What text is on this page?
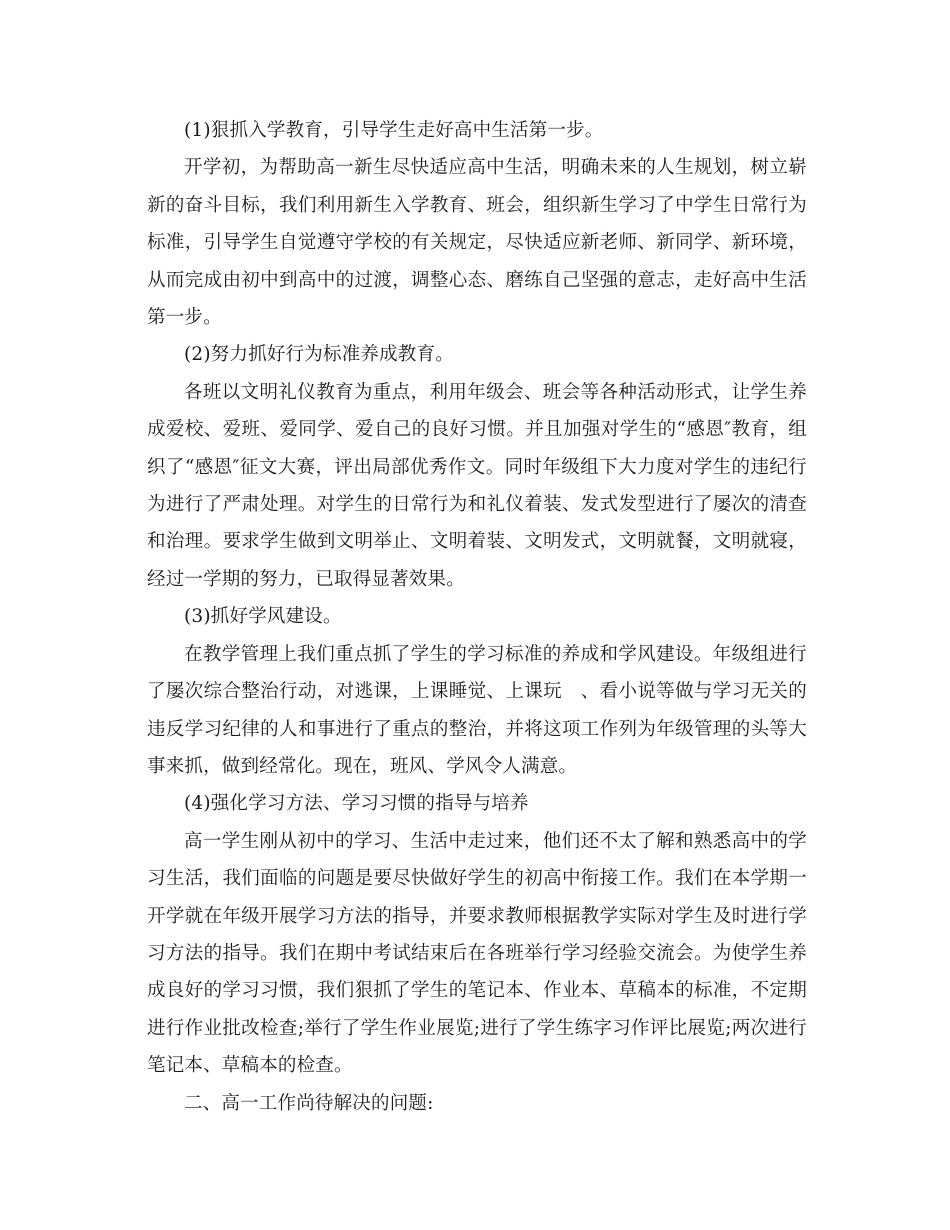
(1)狠抓入学教育，引导学生走好高中生活第一步。

开学初，为帮助高一新生尽快适应高中生活，明确未来的人生规划，树立崭新的奋斗目标，我们利用新生入学教育、班会，组织新生学习了中学生日常行为标准，引导学生自觉遵守学校的有关规定，尽快适应新老师、新同学、新环境，从而完成由初中到高中的过渡，调整心态、磨练自己坚强的意志，走好高中生活第一步。

(2)努力抓好行为标准养成教育。

各班以文明礼仪教育为重点，利用年级会、班会等各种活动形式，让学生养成爱校、爱班、爱同学、爱自己的良好习惯。并且加强对学生的“感恩″教育，组织了“感恩″征文大赛，评出局部优秀作文。同时年级组下大力度对学生的违纪行为进行了严肃处理。对学生的日常行为和礼仪着装、发式发型进行了屡次的清查和治理。要求学生做到文明举止、文明着装、文明发式，文明就餐，文明就寝，经过一学期的努力，已取得显著效果。

(3)抓好学风建设。

在教学管理上我们重点抓了学生的学习标准的养成和学风建设。年级组进行了屡次综合整治行动，对逃课，上课睡觉、上课玩　、看小说等做与学习无关的违反学习纪律的人和事进行了重点的整治，并将这项工作列为年级管理的头等大事来抓，做到经常化。现在，班风、学风令人满意。

(4)强化学习方法、学习习惯的指导与培养

高一学生刚从初中的学习、生活中走过来，他们还不太了解和熟悉高中的学习生活，我们面临的问题是要尽快做好学生的初高中衔接工作。我们在本学期一开学就在年级开展学习方法的指导，并要求教师根据教学实际对学生及时进行学习方法的指导。我们在期中考试结束后在各班举行学习经验交流会。为使学生养成良好的学习习惯，我们狠抓了学生的笔记本、作业本、草稿本的标准，不定期进行作业批改检查;举行了学生作业展览;进行了学生练字习作评比展览;两次进行笔记本、草稿本的检查。

二、高一工作尚待解决的问题:
